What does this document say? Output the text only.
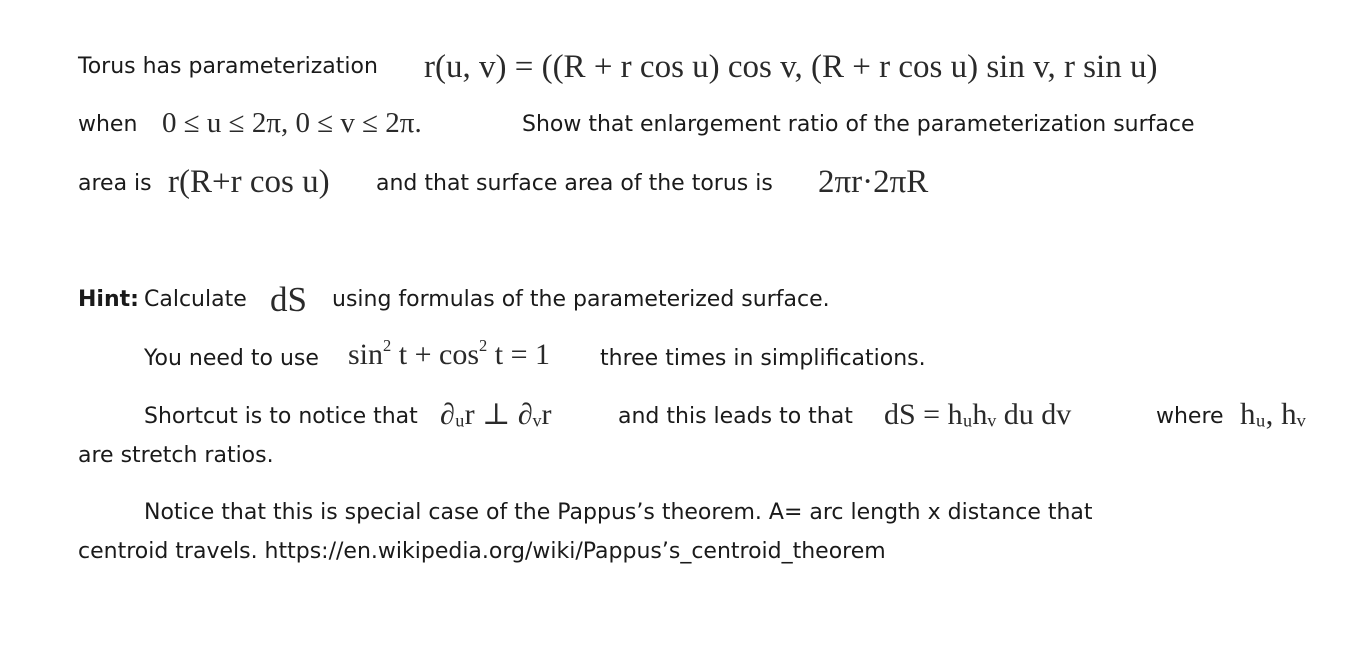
Torus has parameterization r(u, v) = ((R + r cos u) cos v, (R + r cos u) sin v, r sin u)
when 0 ≤ u ≤ 2π, 0 ≤ v ≤ 2π.	Show that enlargement ratio of the parameterization surface
area is r(R+r cos u) and that surface area of the torus is 2πr·2πR
Hint: Calculate dS using formulas of the parameterized surface.
You need to use $\sin^2 t + \cos^2 t = 1$ three times in simplifications.
Shortcut is to notice that ∂ᵤr ⊥ ∂ᵥr	and this leads to that dS = hᵤhᵥ du dv	where hᵤ, hᵥ
are stretch ratios.
Notice that this is special case of the Pappus’s theorem. A= arc length x distance that
centroid travels. https://en.wikipedia.org/wiki/Pappus’s_centroid_theorem
